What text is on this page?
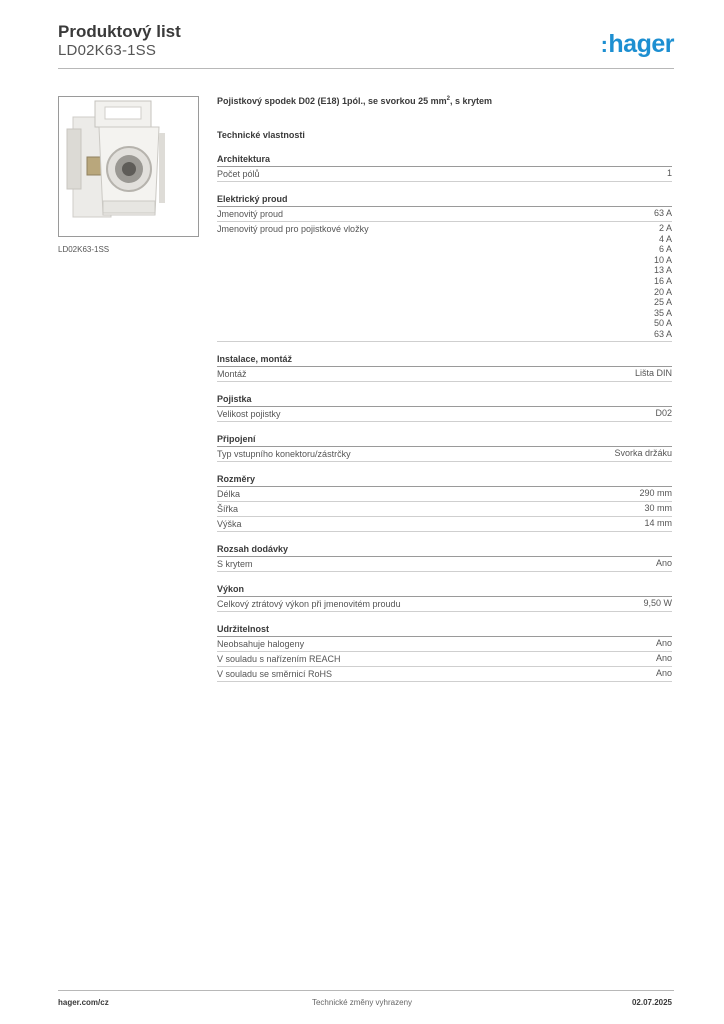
Produktový list
LD02K63-1SS	:hager
LD02K63-1SS
Pojistkový spodek D02 (E18) 1pól., se svorkou 25 $mm^2$, s krytem
Technické vlastnosti
Architektura
Počet pólů	1
Elektrický proud
Jmenovitý proud	63 A
Jmenovitý proud pro pojistkové vložky	2 A
4 A
6 A
10 A
13 A
16 A
20 A
25 A
35 A
50 A
63 A
Instalace, montáž
Montáž	Lišta DIN
Pojistka
Velikost pojistky	D02
Připojení
Typ vstupního konektoru/zástrčky	Svorka držáku
Rozměry
Délka	290 mm
Šířka	30 mm
Výška	14 mm
Rozsah dodávky
S krytem	Ano
Výkon
Celkový ztrátový výkon při jmenovitém proudu	9,50 W
Udržitelnost
Neobsahuje halogeny	Ano
V souladu s nařízením REACH	Ano
V souladu se směrnicí RoHS	Ano
hager.com/cz	Technické změny vyhrazeny	02.07.2025
